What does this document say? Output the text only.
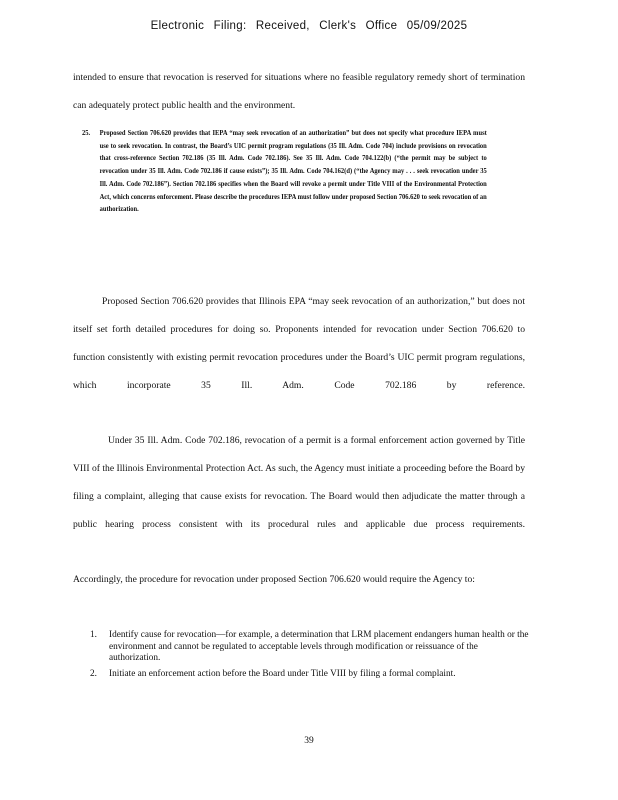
Electronic Filing: Received, Clerk's Office 05/09/2025
intended to ensure that revocation is reserved for situations where no feasible regulatory remedy short of termination can adequately protect public health and the environment.
25. Proposed Section 706.620 provides that IEPA “may seek revocation of an authorization” but does not specify what procedure IEPA must use to seek revocation. In contrast, the Board’s UIC permit program regulations (35 Ill. Adm. Code 704) include provisions on revocation that cross-reference Section 702.186 (35 Ill. Adm. Code 702.186). See 35 Ill. Adm. Code 704.122(b) (“the permit may be subject to revocation under 35 Ill. Adm. Code 702.186 if cause exists”); 35 Ill. Adm. Code 704.162(d) (“the Agency may . . . seek revocation under 35 Ill. Adm. Code 702.186”). Section 702.186 specifies when the Board will revoke a permit under Title VIII of the Environmental Protection Act, which concerns enforcement. Please describe the procedures IEPA must follow under proposed Section 706.620 to seek revocation of an authorization.
Proposed Section 706.620 provides that Illinois EPA “may seek revocation of an authorization,” but does not itself set forth detailed procedures for doing so. Proponents intended for revocation under Section 706.620 to function consistently with existing permit revocation procedures under the Board’s UIC permit program regulations, which incorporate 35 Ill. Adm. Code 702.186 by reference.
Under 35 Ill. Adm. Code 702.186, revocation of a permit is a formal enforcement action governed by Title VIII of the Illinois Environmental Protection Act. As such, the Agency must initiate a proceeding before the Board by filing a complaint, alleging that cause exists for revocation. The Board would then adjudicate the matter through a public hearing process consistent with its procedural rules and applicable due process requirements.
Accordingly, the procedure for revocation under proposed Section 706.620 would require the Agency to:
1. Identify cause for revocation—for example, a determination that LRM placement endangers human health or the environment and cannot be regulated to acceptable levels through modification or reissuance of the authorization.
2. Initiate an enforcement action before the Board under Title VIII by filing a formal complaint.
39
